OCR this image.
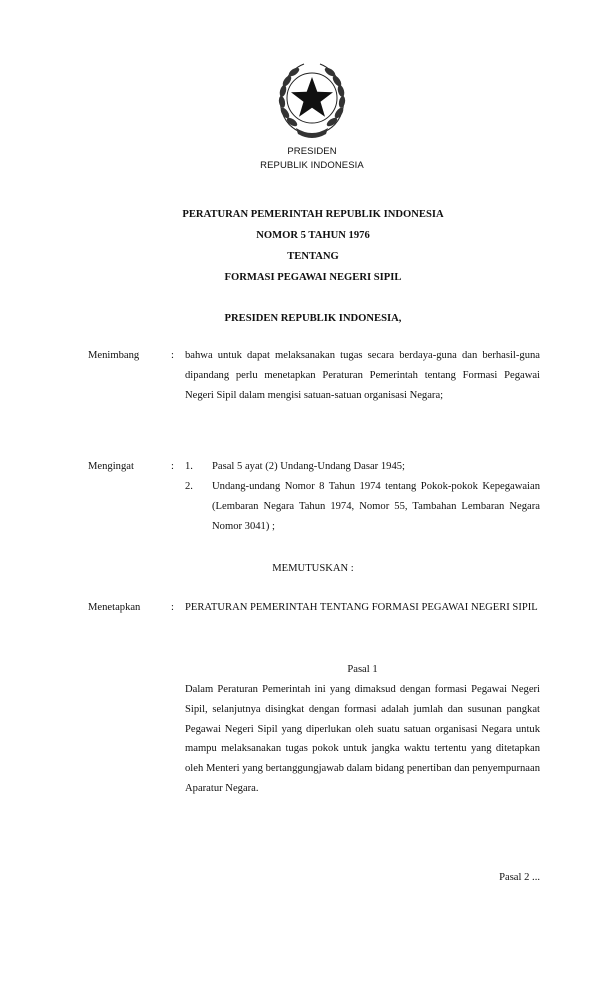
PRESIDEN
REPUBLIK INDONESIA
PERATURAN PEMERINTAH REPUBLIK INDONESIA
NOMOR 5 TAHUN 1976
TENTANG
FORMASI PEGAWAI NEGERI SIPIL
PRESIDEN REPUBLIK INDONESIA,
Menimbang	: bahwa untuk dapat melaksanakan tugas secara berdaya-guna dan berhasil-guna dipandang perlu menetapkan Peraturan Pemerintah tentang Formasi Pegawai Negeri Sipil dalam mengisi satuan-satuan organisasi Negara;
Mengingat	: 1. Pasal 5 ayat (2) Undang-Undang Dasar 1945;
2. Undang-undang Nomor 8 Tahun 1974 tentang Pokok-pokok Kepegawaian (Lembaran Negara Tahun 1974, Nomor 55, Tambahan Lembaran Negara Nomor 3041) ;
MEMUTUSKAN :
Menetapkan	: PERATURAN PEMERINTAH TENTANG FORMASI PEGAWAI NEGERI SIPIL
Pasal 1
Dalam Peraturan Pemerintah ini yang dimaksud dengan formasi Pegawai Negeri Sipil, selanjutnya disingkat dengan formasi adalah jumlah dan susunan pangkat Pegawai Negeri Sipil yang diperlukan oleh suatu satuan organisasi Negara untuk mampu melaksanakan tugas pokok untuk jangka waktu tertentu yang ditetapkan oleh Menteri yang bertanggungjawab dalam bidang penertiban dan penyempurnaan Aparatur Negara.
Pasal 2 ...
